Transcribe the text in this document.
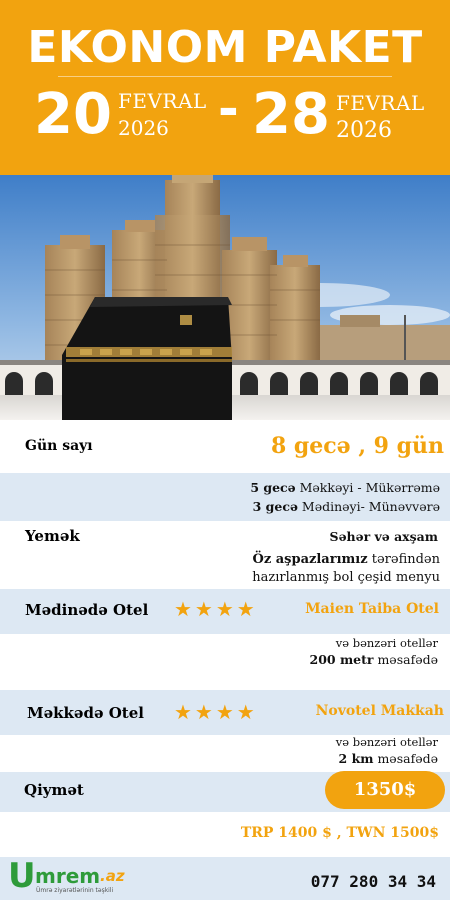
EKONOM PAKET
20 FEVRAL
2026 - 28 FEVRAL
2026
Gün sayı	8 gecə , 9 gün
5 gecə Məkkəyi - Mükərrəmə
3 gecə Mədinəyi- Münəvvərə
Yemək	Səhər və axşam
Öz aşpazlarımız tərəfindən
hazırlanmış bol çeşid menyu
Mədinədə Otel ★★★★	Maien Taiba Otel
və bənzəri otellər
200 metr məsafədə
Məkkədə Otel ★★★★	Novotel Makkah
və bənzəri otellər
2 km məsafədə
Qiymət	1350$
TRP 1400 $ , TWN 1500$
U mrem .az
Ümrə ziyarətlərinin təşkili	077 280 34 34
